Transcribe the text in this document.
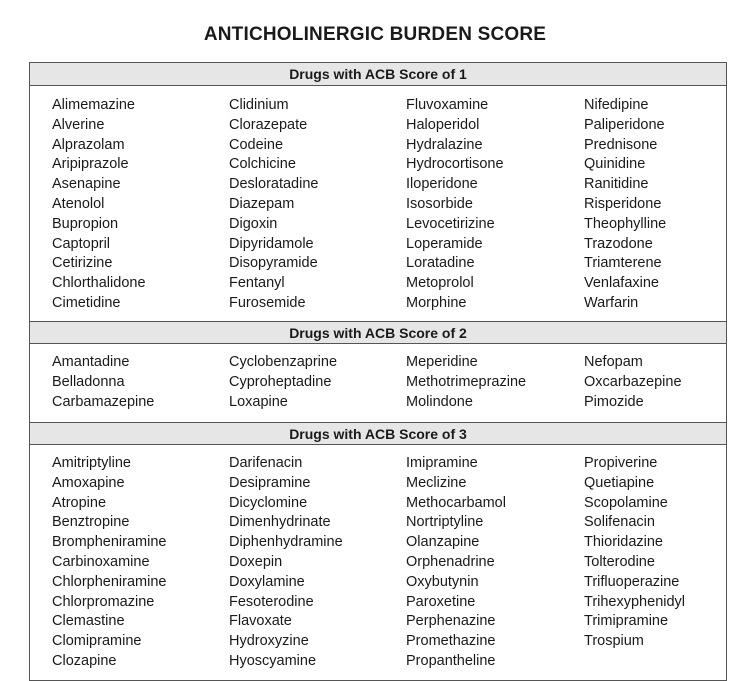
ANTICHOLINERGIC BURDEN SCORE
Drugs with ACB Score of 1
Alimemazine
Alverine
Alprazolam
Aripiprazole
Asenapine
Atenolol
Bupropion
Captopril
Cetirizine
Chlorthalidone
Cimetidine
Clidinium
Clorazepate
Codeine
Colchicine
Desloratadine
Diazepam
Digoxin
Dipyridamole
Disopyramide
Fentanyl
Furosemide
Fluvoxamine
Haloperidol
Hydralazine
Hydrocortisone
Iloperidone
Isosorbide
Levocetirizine
Loperamide
Loratadine
Metoprolol
Morphine
Nifedipine
Paliperidone
Prednisone
Quinidine
Ranitidine
Risperidone
Theophylline
Trazodone
Triamterene
Venlafaxine
Warfarin
Drugs with ACB Score of 2
Amantadine
Belladonna
Carbamazepine
Cyclobenzaprine
Cyproheptadine
Loxapine
Meperidine
Methotrimeprazine
Molindone
Nefopam
Oxcarbazepine
Pimozide
Drugs with ACB Score of 3
Amitriptyline
Amoxapine
Atropine
Benztropine
Brompheniramine
Carbinoxamine
Chlorpheniramine
Chlorpromazine
Clemastine
Clomipramine
Clozapine
Darifenacin
Desipramine
Dicyclomine
Dimenhydrinate
Diphenhydramine
Doxepin
Doxylamine
Fesoterodine
Flavoxate
Hydroxyzine
Hyoscyamine
Imipramine
Meclizine
Methocarbamol
Nortriptyline
Olanzapine
Orphenadrine
Oxybutynin
Paroxetine
Perphenazine
Promethazine
Propantheline
Propiverine
Quetiapine
Scopolamine
Solifenacin
Thioridazine
Tolterodine
Trifluoperazine
Trihexyphenidyl
Trimipramine
Trospium
